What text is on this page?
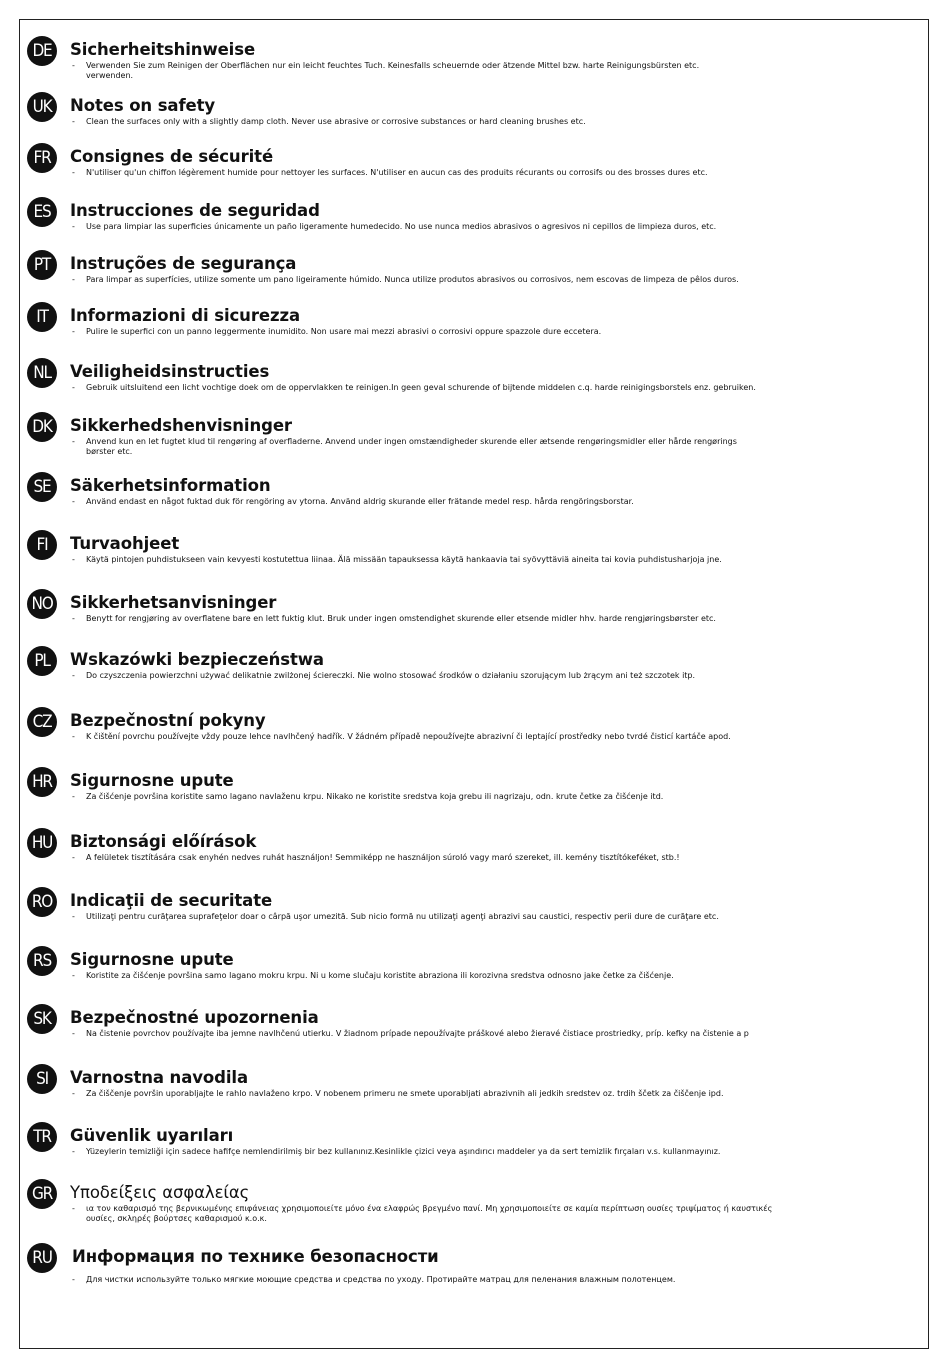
DE	Sicherheitshinweise
-	Verwenden Sie zum Reinigen der Oberflächen nur ein leicht feuchtes Tuch. Keinesfalls scheuernde oder ätzende Mittel bzw. harte Reinigungsbürsten etc.
verwenden.
UK	Notes on safety
-	Clean the surfaces only with a slightly damp cloth. Never use abrasive or corrosive substances or hard cleaning brushes etc.
FR	Consignes de sécurité
-	N'utiliser qu'un chiffon légèrement humide pour nettoyer les surfaces. N'utiliser en aucun cas des produits récurants ou corrosifs ou des brosses dures etc.
ES	Instrucciones de seguridad
-	Use para limpiar las superficies únicamente un paño ligeramente humedecido. No use nunca medios abrasivos o agresivos ni cepillos de limpieza duros, etc.
PT	Instruções de segurança
-	Para limpar as superfícies, utilize somente um pano ligeiramente húmido. Nunca utilize produtos abrasivos ou corrosivos, nem escovas de limpeza de pêlos duros.
IT	Informazioni di sicurezza
-	Pulire le superfici con un panno leggermente inumidito. Non usare mai mezzi abrasivi o corrosivi oppure spazzole dure eccetera.
NL	Veiligheidsinstructies
-	Gebruik uitsluitend een licht vochtige doek om de oppervlakken te reinigen.In geen geval schurende of bijtende middelen c.q. harde reinigingsborstels enz. gebruiken.
DK	Sikkerhedshenvisninger
-	Anvend kun en let fugtet klud til rengøring af overfladerne. Anvend under ingen omstændigheder skurende eller ætsende rengøringsmidler eller hårde rengørings
børster etc.
SE	Säkerhetsinformation
-	Använd endast en något fuktad duk för rengöring av ytorna. Använd aldrig skurande eller frätande medel resp. hårda rengöringsborstar.
FI	Turvaohjeet
-	Käytä pintojen puhdistukseen vain kevyesti kostutettua liinaa. Älä missään tapauksessa käytä hankaavia tai syövyttäviä aineita tai kovia puhdistusharjoja jne.
NO Sikkerhetsanvisninger
-	Benytt for rengjøring av overflatene bare en lett fuktig klut. Bruk under ingen omstendighet skurende eller etsende midler hhv. harde rengjøringsbørster etc.
PL	Wskazówki bezpieczeństwa
-	Do czyszczenia powierzchni używać delikatnie zwilżonej ściereczki. Nie wolno stosować środków o działaniu szorującym lub żrącym ani też szczotek itp.
CZ	Bezpečnostní pokyny
-	K čištění povrchu používejte vždy pouze lehce navlhčený hadřík. V žádném případě nepoužívejte abrazivní či leptající prostředky nebo tvrdé čisticí kartáče apod.
HR	Sigurnosne upute
-	Za čišćenje površina koristite samo lagano navlaženu krpu. Nikako ne koristite sredstva koja grebu ili nagrizaju, odn. krute četke za čišćenje itd.
HU Biztonsági előírások
-	A felületek tisztítására csak enyhén nedves ruhát használjon! Semmiképp ne használjon súroló vagy maró szereket, ill. kemény tisztítókeféket, stb.!
RO Indicaţii de securitate
-	Utilizaţi pentru curăţarea suprafeţelor doar o cârpă uşor umezită. Sub nicio formă nu utilizaţi agenţi abrazivi sau caustici, respectiv perii dure de curăţare etc.
RS	Sigurnosne upute
-	Koristite za čišćenje površina samo lagano mokru krpu. Ni u kome slučaju koristite abraziona ili korozivna sredstva odnosno jake četke za čišćenje.
SK	Bezpečnostné upozornenia
-	Na čistenie povrchov používajte iba jemne navlhčenú utierku. V žiadnom prípade nepoužívajte práškové alebo žieravé čistiace prostriedky, príp. kefky na čistenie a p
SI	Varnostna navodila
-	Za čiščenje površin uporabljajte le rahlo navlaženo krpo. V nobenem primeru ne smete uporabljati abrazivnih ali jedkih sredstev oz. trdih ščetk za čiščenje ipd.
TR	Güvenlik uyarıları
-	Yüzeylerin temizliği için sadece hafifçe nemlendirilmiş bir bez kullanınız.Kesinlikle çizici veya aşındırıcı maddeler ya da sert temizlik fırçaları v.s. kullanmayınız.
GR	Υποδείξεις ασφαλείας
-	ια τον καθαρισμό της βερνικωμένης επιφάνειας χρησιμοποιείτε μόνο ένα ελαφρώς βρεγμένο πανί. Μη χρησιμοποιείτε σε καμία περίπτωση ουσίες τριψίματος ή καυστικές
ουσίες, σκληρές βούρτσες καθαρισμού κ.ο.κ.
RU	Информация по технике безопасности
-	Для чистки используйте только мягкие моющие средства и средства по уходу. Протирайте матрац для пеленания влажным полотенцем.
